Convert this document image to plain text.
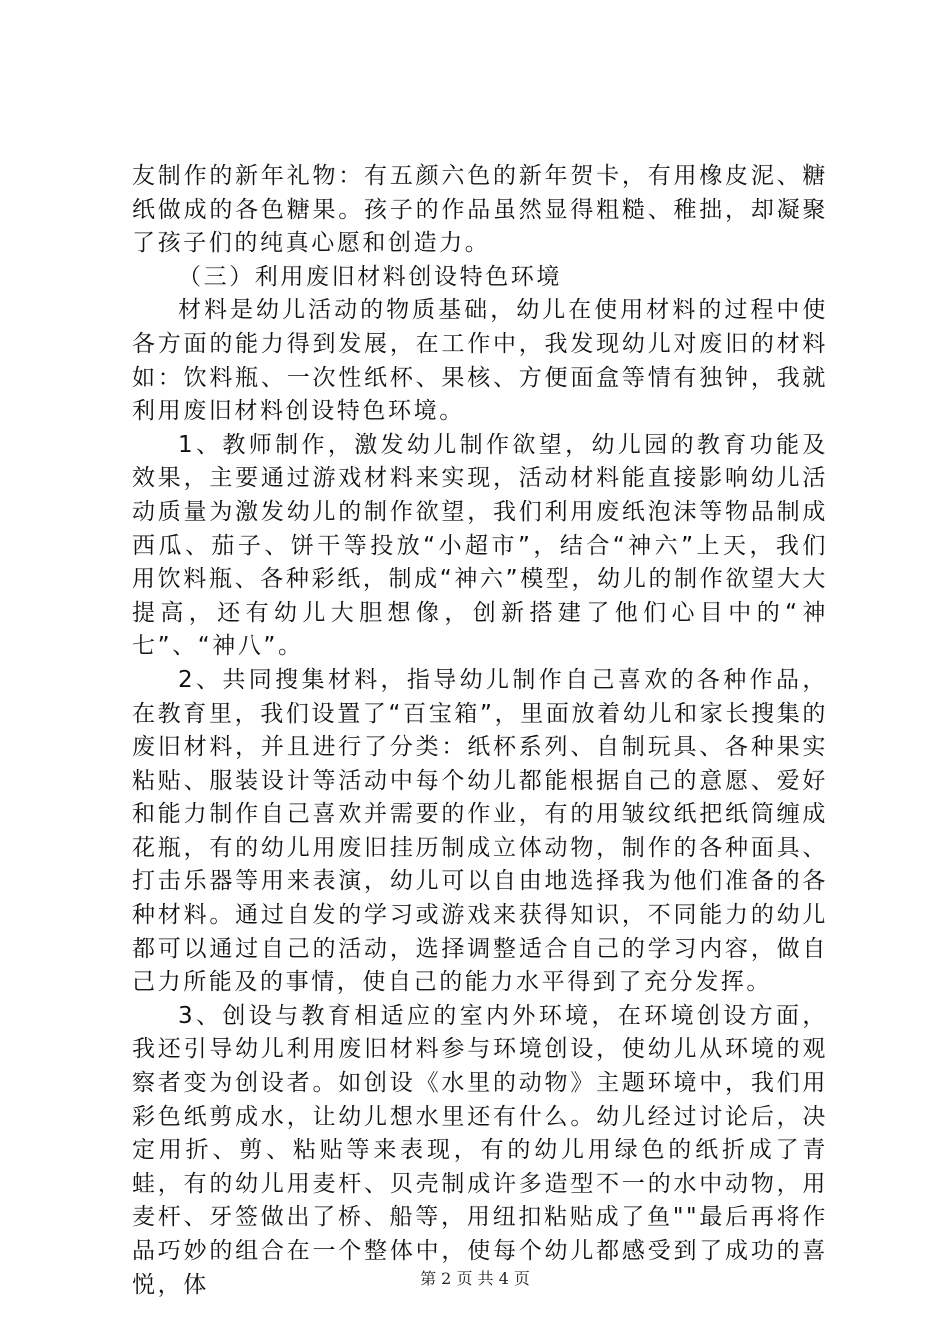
友制作的新年礼物：有五颜六色的新年贺卡，有用橡皮泥、糖纸做成的各色糖果。孩子的作品虽然显得粗糙、稚拙，却凝聚了孩子们的纯真心愿和创造力。

（三）利用废旧材料创设特色环境

材料是幼儿活动的物质基础，幼儿在使用材料的过程中使各方面的能力得到发展，在工作中，我发现幼儿对废旧的材料如：饮料瓶、一次性纸杯、果核、方便面盒等情有独钟，我就利用废旧材料创设特色环境。

1、教师制作，激发幼儿制作欲望，幼儿园的教育功能及效果，主要通过游戏材料来实现，活动材料能直接影响幼儿活动质量为激发幼儿的制作欲望，我们利用废纸泡沫等物品制成西瓜、茄子、饼干等投放“小超市”，结合“神六”上天，我们用饮料瓶、各种彩纸，制成“神六”模型，幼儿的制作欲望大大提高，还有幼儿大胆想像，创新搭建了他们心目中的“神七”、“神八”。

2、共同搜集材料，指导幼儿制作自己喜欢的各种作品，在教育里，我们设置了“百宝箱”，里面放着幼儿和家长搜集的废旧材料，并且进行了分类：纸杯系列、自制玩具、各种果实粘贴、服装设计等活动中每个幼儿都能根据自己的意愿、爱好和能力制作自己喜欢并需要的作业，有的用皱纹纸把纸筒缠成花瓶，有的幼儿用废旧挂历制成立体动物，制作的各种面具、打击乐器等用来表演，幼儿可以自由地选择我为他们准备的各种材料。通过自发的学习或游戏来获得知识，不同能力的幼儿都可以通过自己的活动，选择调整适合自己的学习内容，做自己力所能及的事情，使自己的能力水平得到了充分发挥。

3、创设与教育相适应的室内外环境，在环境创设方面，我还引导幼儿利用废旧材料参与环境创设，使幼儿从环境的观察者变为创设者。如创设《水里的动物》主题环境中，我们用彩色纸剪成水，让幼儿想水里还有什么。幼儿经过讨论后，决定用折、剪、粘贴等来表现，有的幼儿用绿色的纸折成了青蛙，有的幼儿用麦杆、贝壳制成许多造型不一的水中动物，用麦杆、牙签做出了桥、船等，用纽扣粘贴成了鱼""最后再将作品巧妙的组合在一个整体中，使每个幼儿都感受到了成功的喜悦，体	第 2 页 共 4 页
